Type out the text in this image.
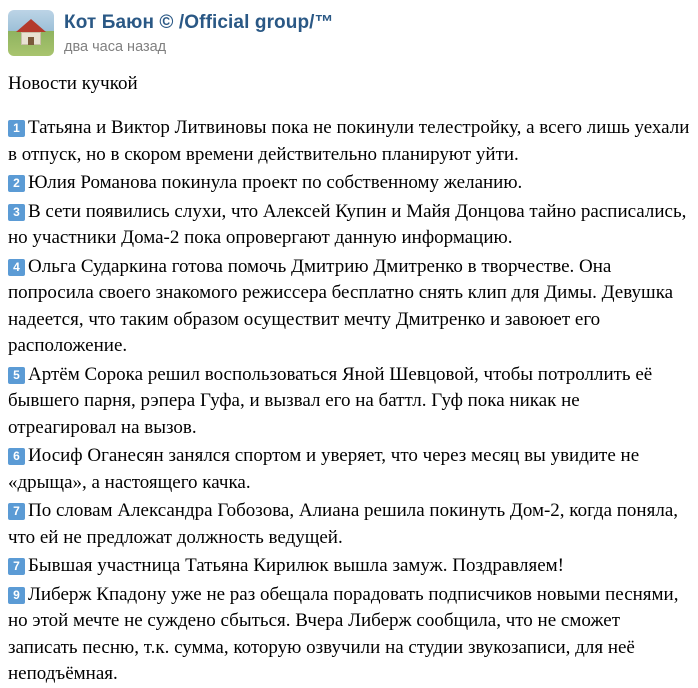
Кот Баюн © /Official group/™
два часа назад

Новости кучкой

1 Татьяна и Виктор Литвиновы пока не покинули телестройку, а всего лишь уехали в отпуск, но в скором времени действительно планируют уйти.

2 Юлия Романова покинула проект по собственному желанию.

3 В сети появились слухи, что Алексей Купин и Майя Донцова тайно расписались, но участники Дома-2 пока опровергают данную информацию.

4 Ольга Сударкина готова помочь Дмитрию Дмитренко в творчестве. Она попросила своего знакомого режиссера бесплатно снять клип для Димы. Девушка надеется, что таким образом осуществит мечту Дмитренко и завоюет его расположение.

5 Артём Сорока решил воспользоваться Яной Шевцовой, чтобы потроллить её бывшего парня, рэпера Гуфа, и вызвал его на баттл. Гуф пока никак не отреагировал на вызов.

6 Иосиф Оганесян занялся спортом и уверяет, что через месяц вы увидите не «дрыща», а настоящего качка.

7 По словам Александра Гобозова, Алиана решила покинуть Дом-2, когда поняла, что ей не предложат должность ведущей.

7 Бывшая участница Татьяна Кирилюк вышла замуж. Поздравляем!

9 Либерж Кпадону уже не раз обещала порадовать подписчиков новыми песнями, но этой мечте не суждено сбыться. Вчера Либерж сообщила, что не сможет записать песню, т.к. сумма, которую озвучили на студии звукозаписи, для неё неподъёмная.
